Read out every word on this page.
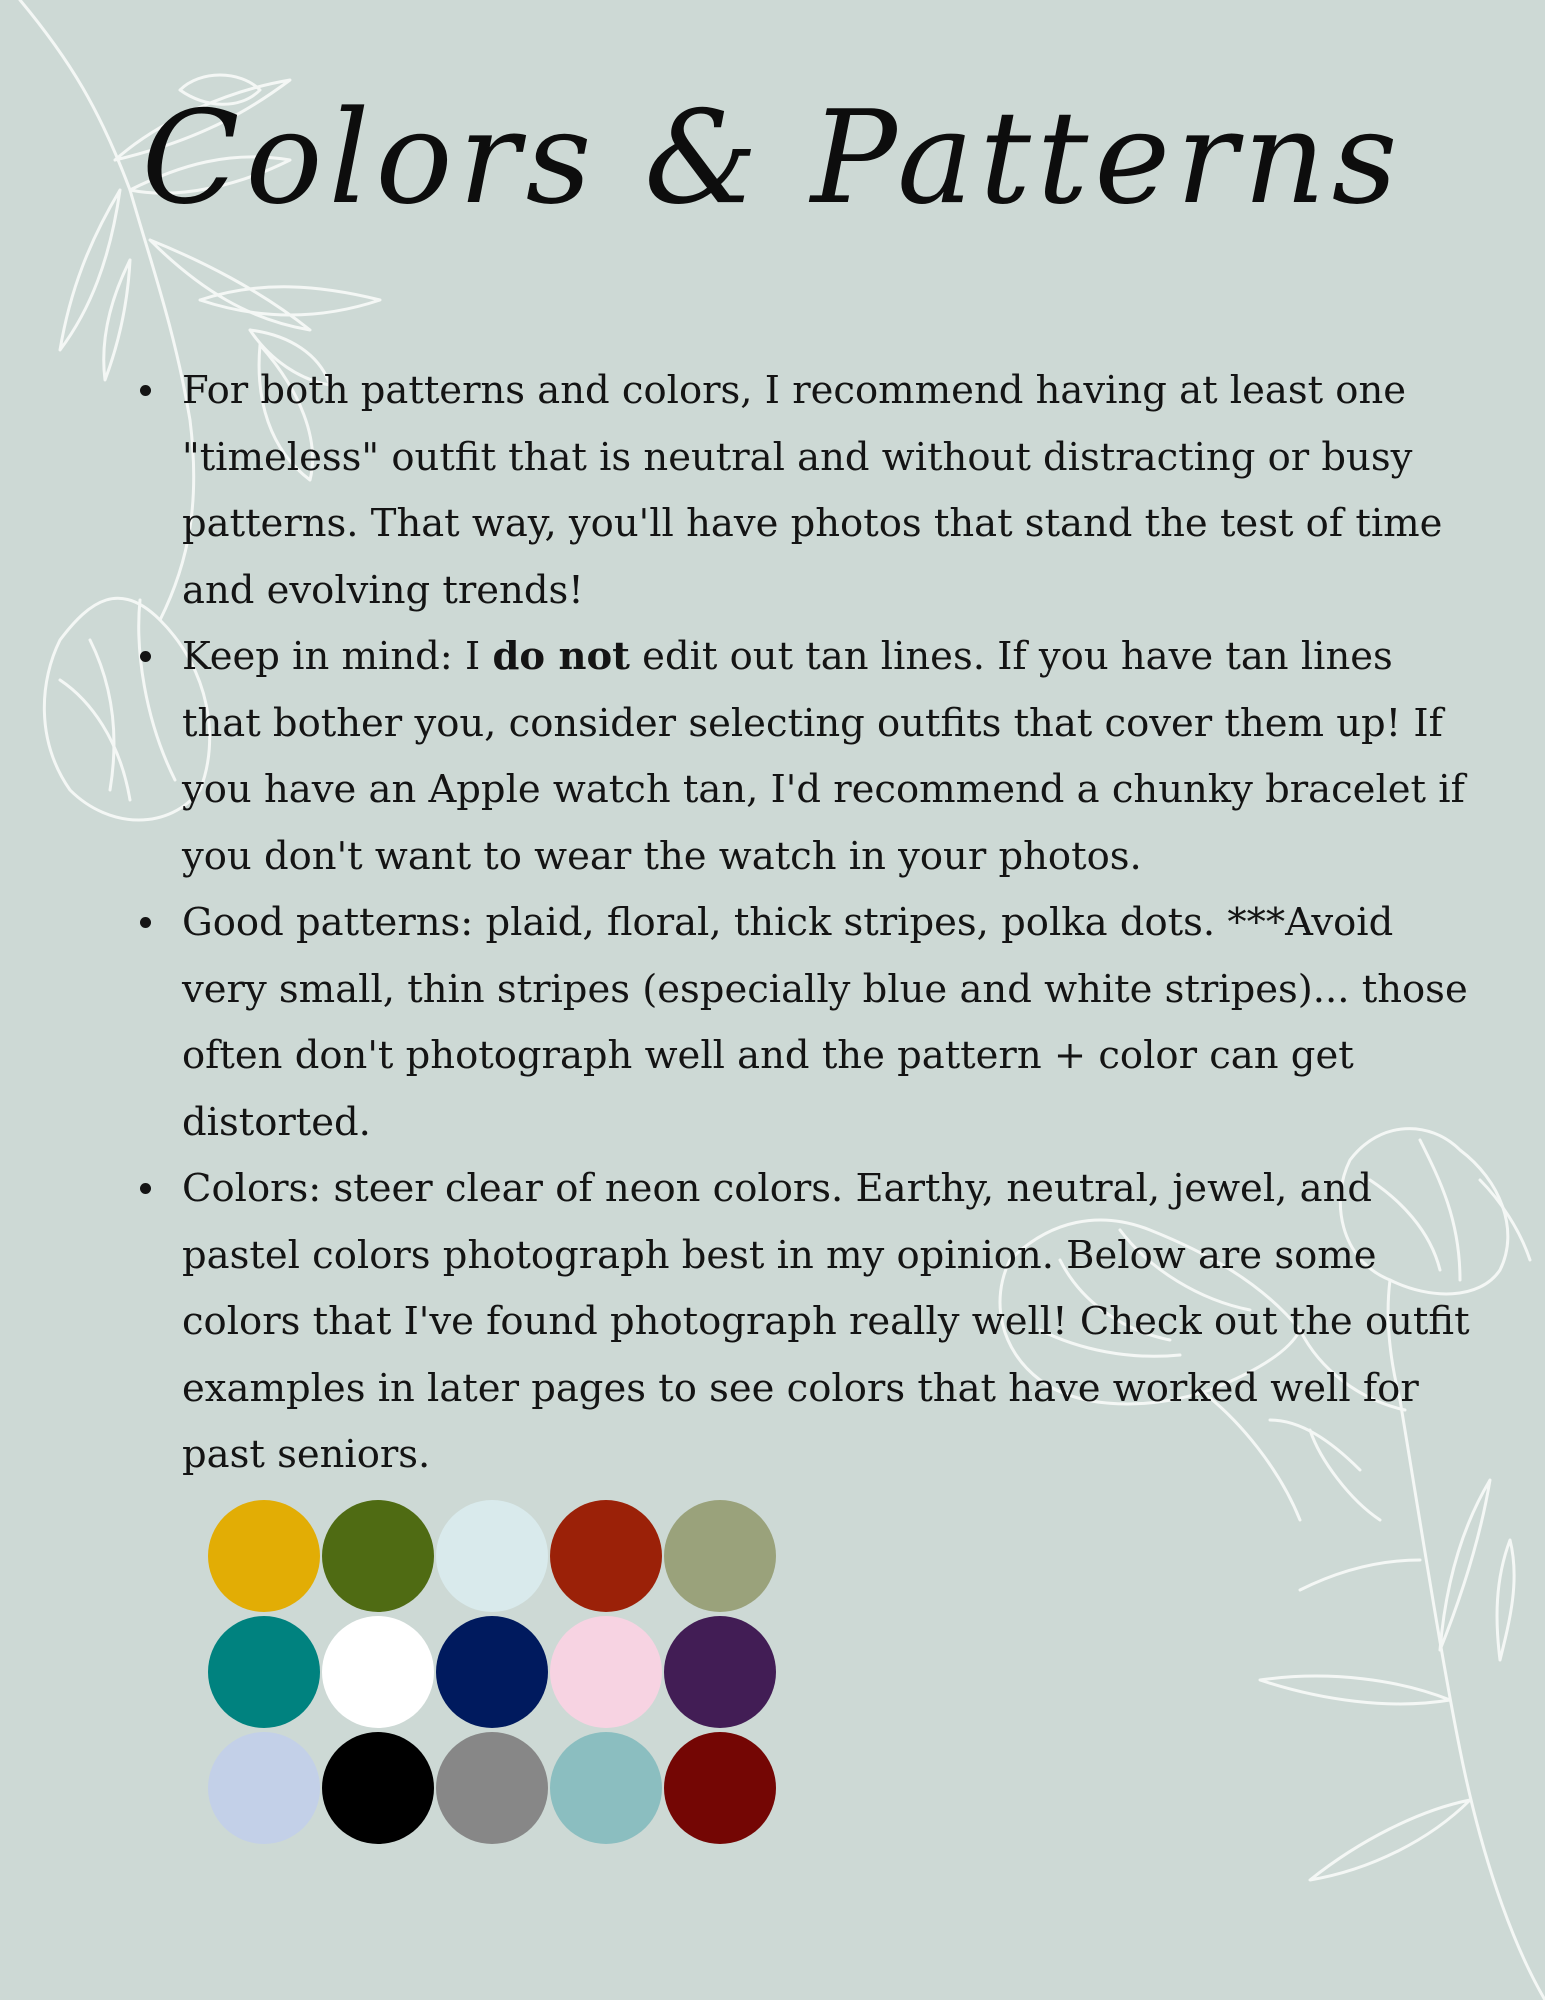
Colors & Patterns
For both patterns and colors, I recommend having at least one "timeless" outfit that is neutral and without distracting or busy patterns. That way, you'll have photos that stand the test of time and evolving trends!
Keep in mind: I do not edit out tan lines. If you have tan lines that bother you, consider selecting outfits that cover them up! If you have an Apple watch tan, I'd recommend a chunky bracelet if you don't want to wear the watch in your photos.
Good patterns: plaid, floral, thick stripes, polka dots. ***Avoid very small, thin stripes (especially blue and white stripes)... those often don't photograph well and the pattern + color can get distorted.
Colors: steer clear of neon colors. Earthy, neutral, jewel, and pastel colors photograph best in my opinion. Below are some colors that I've found photograph really well! Check out the outfit examples in later pages to see colors that have worked well for past seniors.
